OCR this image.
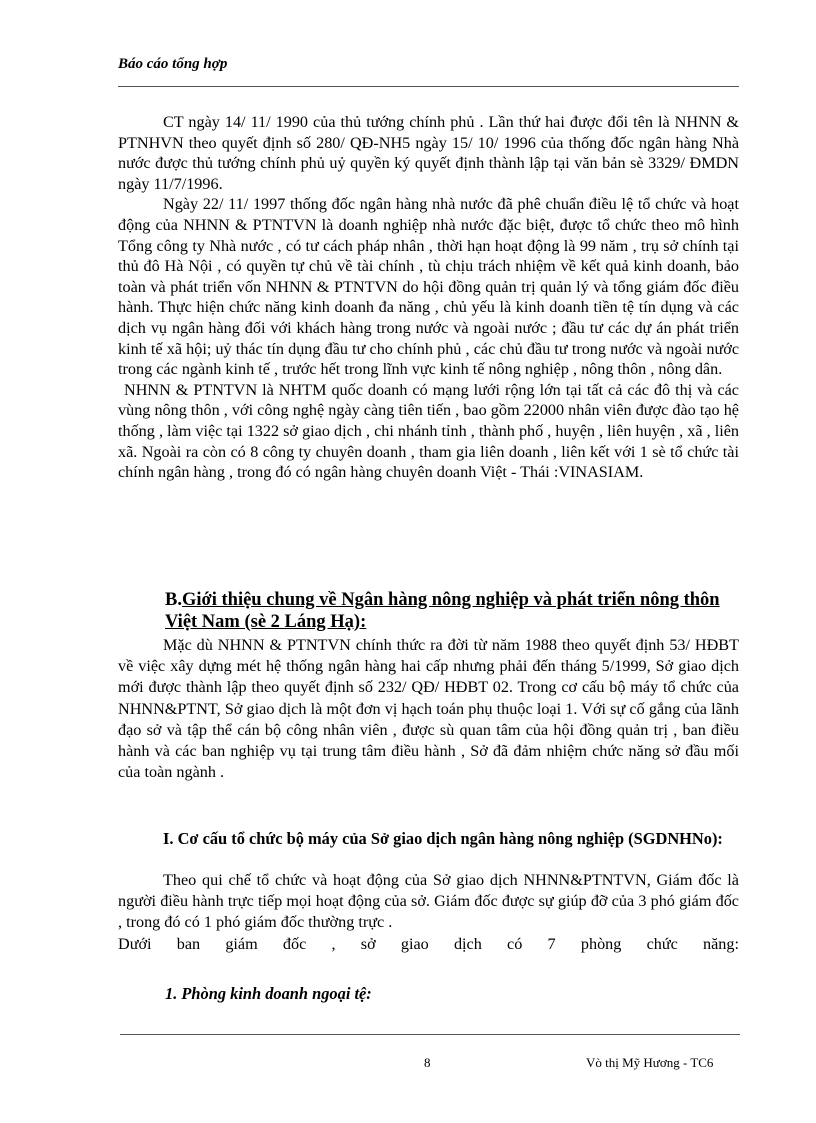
Báo cáo tổng hợp

CT ngày 14/ 11/ 1990 của thủ tướng chính phủ . Lần thứ hai được đổi tên là NHNN & PTNHVN theo quyết định số 280/ QĐ-NH5 ngày 15/ 10/ 1996 của thống đốc ngân hàng Nhà nước được thủ tướng chính phủ uỷ quyền ký quyết định thành lập tại văn bản sè 3329/ ĐMDN ngày 11/7/1996.

Ngày 22/ 11/ 1997 thống đốc ngân hàng nhà nước đã phê chuẩn điều lệ tổ chức và hoạt động của NHNN & PTNTVN là doanh nghiệp nhà nước đặc biệt, được tổ chức theo mô hình Tổng công ty Nhà nước , có tư cách pháp nhân , thời hạn hoạt động là 99 năm , trụ sở chính tại thủ đô Hà Nội , có quyền tự chủ về tài chính , tù chịu trách nhiệm về kết quả kinh doanh, bảo toàn và phát triển vốn NHNN & PTNTVN do hội đồng quản trị quản lý và tổng giám đốc điều hành. Thực hiện chức năng kinh doanh đa năng , chủ yếu là kinh doanh tiền tệ tín dụng và các dịch vụ ngân hàng đối với khách hàng trong nước và ngoài nước ; đầu tư các dự án phát triển kinh tế xã hội; uỷ thác tín dụng đầu tư cho chính phủ , các chủ đầu tư trong nước và ngoài nước trong các ngành kinh tế , trước hết trong lĩnh vực kinh tế nông nghiệp , nông thôn , nông dân.

NHNN & PTNTVN là NHTM quốc doanh có mạng lưới rộng lớn tại tất cả các đô thị và các vùng nông thôn , với công nghệ ngày càng tiên tiến , bao gồm 22000 nhân viên được đào tạo hệ thống , làm việc tại 1322 sở giao dịch , chi nhánh tỉnh , thành phố , huyện , liên huyện , xã , liên xã. Ngoài ra còn có 8 công ty chuyên doanh , tham gia liên doanh , liên kết với 1 sè tổ chức tài chính ngân hàng , trong đó có ngân hàng chuyên doanh Việt - Thái :VINASIAM.

B.Giới thiệu chung về Ngân hàng nông nghiệp và phát triển nông thôn Việt Nam (sè 2 Láng Hạ):

Mặc dù NHNN & PTNTVN chính thức ra đời từ năm 1988 theo quyết định 53/ HĐBT về việc xây dựng mét hệ thống ngân hàng hai cấp nhưng phải đến tháng 5/1999, Sở giao dịch mới được thành lập theo quyết định số 232/ QĐ/ HĐBT 02. Trong cơ cấu bộ máy tổ chức của NHNN&PTNT, Sở giao dịch là một đơn vị hạch toán phụ thuộc loại 1. Với sự cố gắng của lãnh đạo sở và tập thể cán bộ công nhân viên , được sù quan tâm của hội đồng quản trị , ban điều hành và các ban nghiệp vụ tại trung tâm điều hành , Sở đã đảm nhiệm chức năng sở đầu mối của toàn ngành .

I. Cơ cấu tổ chức bộ máy của Sở giao dịch ngân hàng nông nghiệp (SGDNHNo):

Theo qui chế tổ chức và hoạt động của Sở giao dịch NHNN&PTNTVN, Giám đốc là người điều hành trực tiếp mọi hoạt động của sở. Giám đốc được sự giúp đỡ của 3 phó giám đốc , trong đó có 1 phó giám đốc thường trực .

Dưới ban giám đốc , sở giao dịch có 7 phòng chức năng:

1. Phòng kinh doanh ngoại tệ:
8	Vò thị Mỹ Hương - TC6
